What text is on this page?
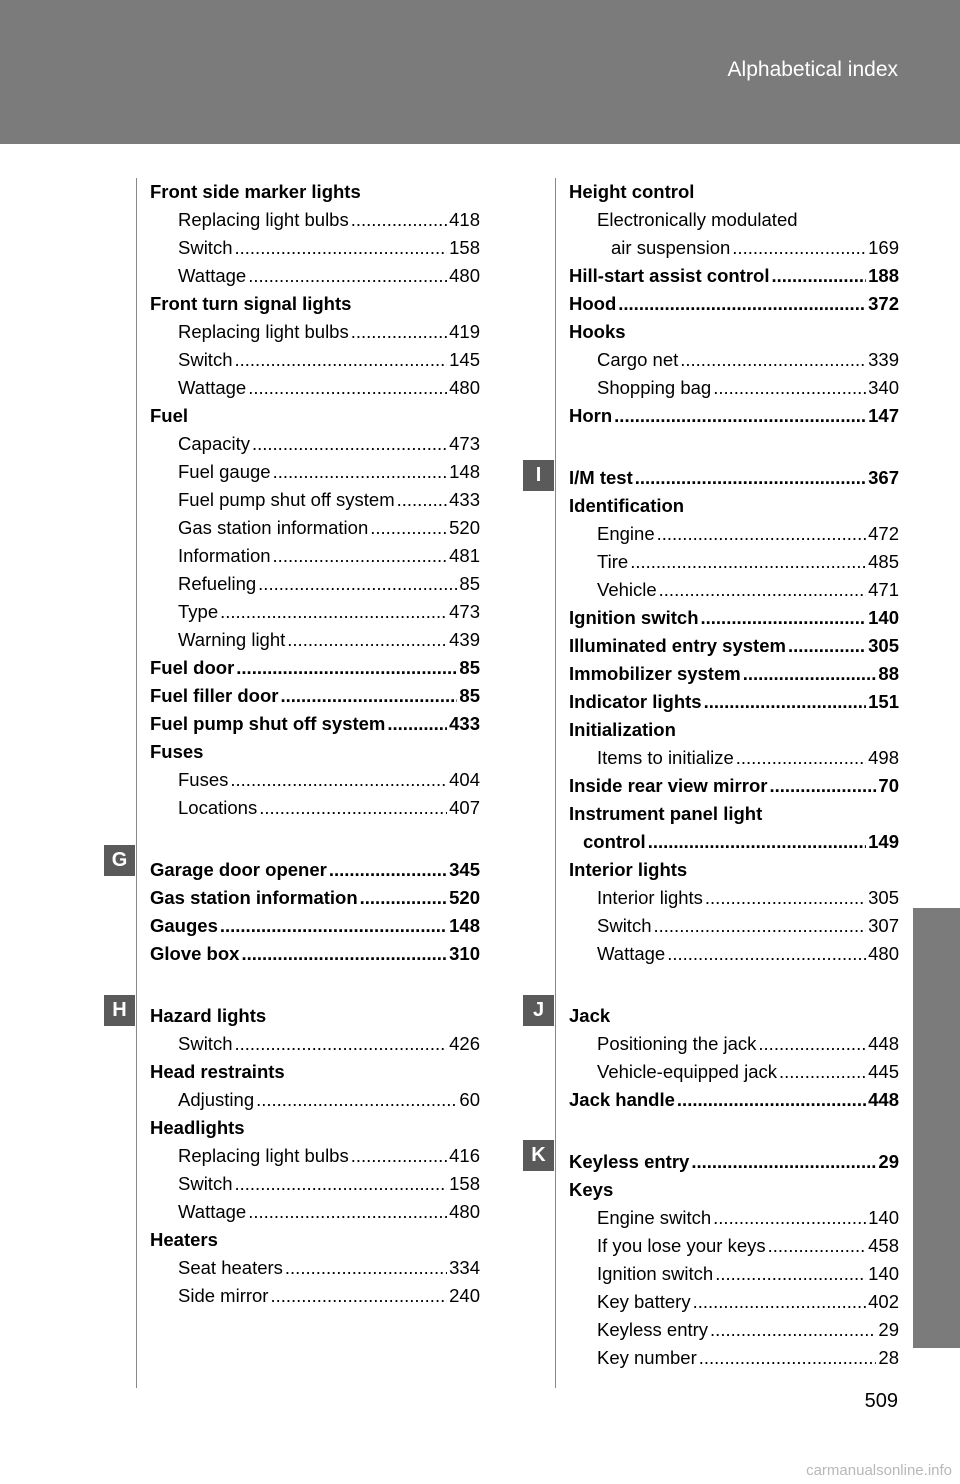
Alphabetical index
Front side marker lights
Replacing light bulbs .....	418
Switch .....	158
Wattage .....	480
Front turn signal lights
Replacing light bulbs .....	419
Switch .....	145
Wattage .....	480
Fuel
Capacity .....	473
Fuel gauge .....	148
Fuel pump shut off system .....	433
Gas station information .....	520
Information .....	481
Refueling .....	85
Type .....	473
Warning light .....	439
Fuel door .....	85
Fuel filler door .....	85
Fuel pump shut off system .....	433
Fuses
Fuses .....	404
Locations .....	407
Garage door opener .....	345
Gas station information .....	520
Gauges .....	148
Glove box .....	310
Hazard lights
Switch .....	426
Head restraints
Adjusting .....	60
Headlights
Replacing light bulbs .....	416
Switch .....	158
Wattage .....	480
Heaters
Seat heaters .....	334
Side mirror .....	240
Height control
Electronically modulated
air suspension .....	169
Hill-start assist control .....	188
Hood .....	372
Hooks
Cargo net .....	339
Shopping bag .....	340
Horn .....	147
I/M test .....	367
Identification
Engine .....	472
Tire .....	485
Vehicle .....	471
Ignition switch .....	140
Illuminated entry system .....	305
Immobilizer system .....	88
Indicator lights .....	151
Initialization
Items to initialize .....	498
Inside rear view mirror .....	70
Instrument panel light
control .....	149
Interior lights
Interior lights .....	305
Switch .....	307
Wattage .....	480
Jack
Positioning the jack .....	448
Vehicle-equipped jack .....	445
Jack handle .....	448
Keyless entry .....	29
Keys
Engine switch .....	140
If you lose your keys .....	458
Ignition switch .....	140
Key battery .....	402
Keyless entry .....	29
Key number .....	28
G
H
I
J
K
509
carmanualsonline.info
